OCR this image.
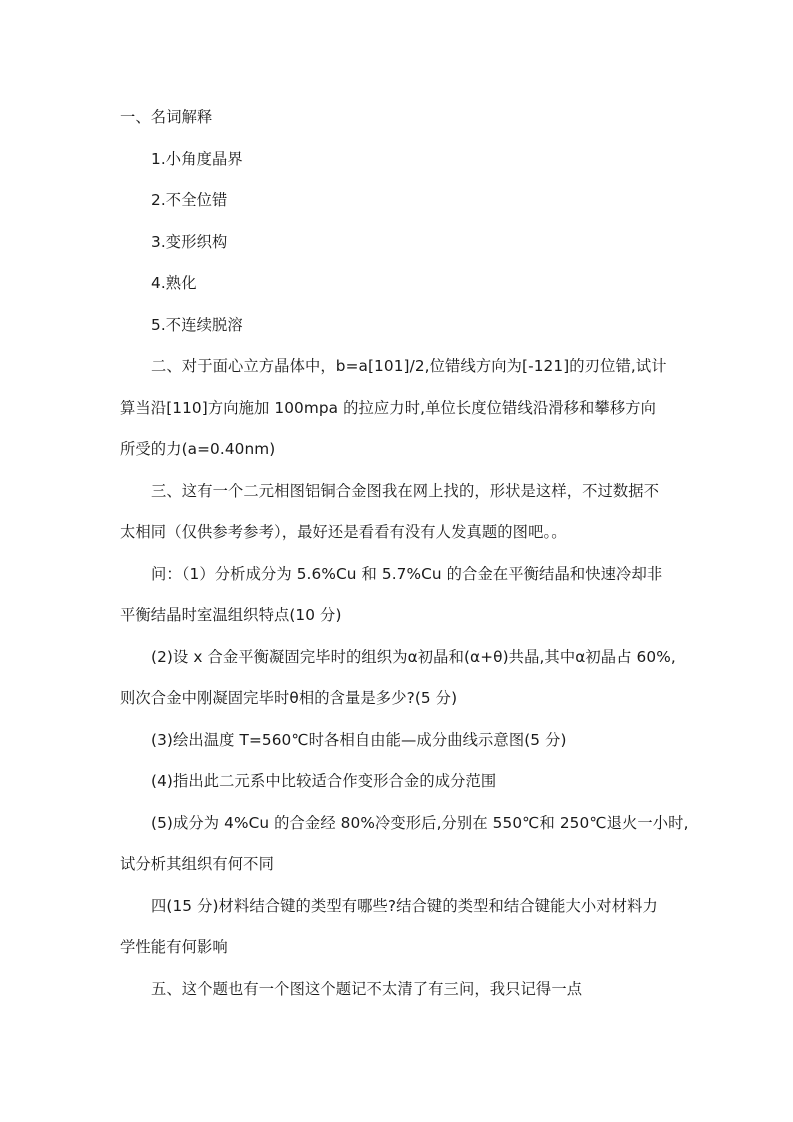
一、名词解释
1.小角度晶界
2.不全位错
3.变形织构
4.熟化
5.不连续脱溶
二、对于面心立方晶体中，b=a[101]/2,位错线方向为[-121]的刃位错,试计
算当沿[110]方向施加 100mpa 的拉应力时,单位长度位错线沿滑移和攀移方向
所受的力(a=0.40nm)
三、这有一个二元相图铝铜合金图我在网上找的，形状是这样，不过数据不
太相同（仅供参考参考），最好还是看看有没有人发真题的图吧。。
问：（1）分析成分为 5.6%Cu 和 5.7%Cu 的合金在平衡结晶和快速冷却非
平衡结晶时室温组织特点(10 分)
(2)设 x 合金平衡凝固完毕时的组织为α初晶和(α+θ)共晶,其中α初晶占 60%,
则次合金中刚凝固完毕时θ相的含量是多少?(5 分)
(3)绘出温度 T=560℃时各相自由能—成分曲线示意图(5 分)
(4)指出此二元系中比较适合作变形合金的成分范围
(5)成分为 4%Cu 的合金经 80%冷变形后,分别在 550℃和 250℃退火一小时,
试分析其组织有何不同
四(15 分)材料结合键的类型有哪些?结合键的类型和结合键能大小对材料力
学性能有何影响
五、这个题也有一个图这个题记不太清了有三问，我只记得一点
